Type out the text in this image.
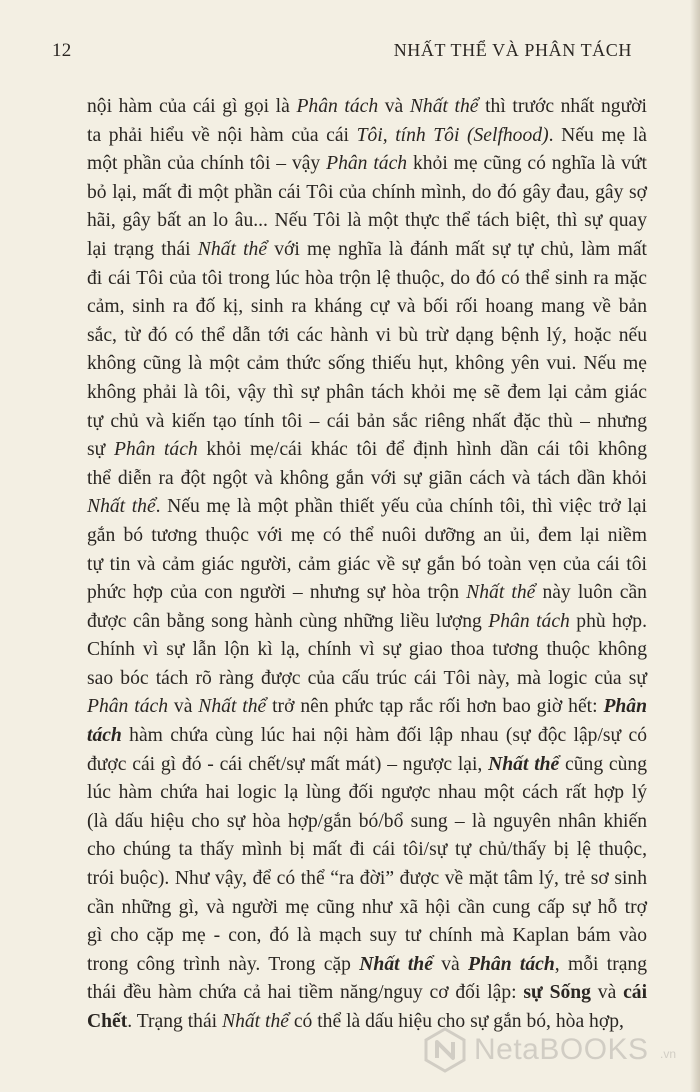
12	NHẤT THỂ VÀ PHÂN TÁCH
nội hàm của cái gì gọi là Phân tách và Nhất thể thì trước nhất người
ta phải hiểu về nội hàm của cái Tôi, tính Tôi (Selfhood). Nếu mẹ là
một phần của chính tôi – vậy Phân tách khỏi mẹ cũng có nghĩa là vứt
bỏ lại, mất đi một phần cái Tôi của chính mình, do đó gây đau, gây sợ
hãi, gây bất an lo âu... Nếu Tôi là một thực thể tách biệt, thì sự quay
lại trạng thái Nhất thể với mẹ nghĩa là đánh mất sự tự chủ, làm mất
đi cái Tôi của tôi trong lúc hòa trộn lệ thuộc, do đó có thể sinh ra mặc
cảm, sinh ra đố kị, sinh ra kháng cự và bối rối hoang mang về bản
sắc, từ đó có thể dẫn tới các hành vi bù trừ dạng bệnh lý, hoặc nếu
không cũng là một cảm thức sống thiếu hụt, không yên vui. Nếu mẹ
không phải là tôi, vậy thì sự phân tách khỏi mẹ sẽ đem lại cảm giác
tự chủ và kiến tạo tính tôi – cái bản sắc riêng nhất đặc thù – nhưng
sự Phân tách khỏi mẹ/cái khác tôi để định hình dần cái tôi không
thể diễn ra đột ngột và không gắn với sự giãn cách và tách dần khỏi
Nhất thể. Nếu mẹ là một phần thiết yếu của chính tôi, thì việc trở lại
gắn bó tương thuộc với mẹ có thể nuôi dưỡng an ủi, đem lại niềm
tự tin và cảm giác người, cảm giác về sự gắn bó toàn vẹn của cái tôi
phức hợp của con người – nhưng sự hòa trộn Nhất thể này luôn cần
được cân bằng song hành cùng những liều lượng Phân tách phù hợp.
Chính vì sự lẫn lộn kì lạ, chính vì sự giao thoa tương thuộc không
sao bóc tách rõ ràng được của cấu trúc cái Tôi này, mà logic của sự
Phân tách và Nhất thể trở nên phức tạp rắc rối hơn bao giờ hết: Phân
tách hàm chứa cùng lúc hai nội hàm đối lập nhau (sự độc lập/sự có
được cái gì đó - cái chết/sự mất mát) – ngược lại, Nhất thể cũng cùng
lúc hàm chứa hai logic lạ lùng đối ngược nhau một cách rất hợp lý
(là dấu hiệu cho sự hòa hợp/gắn bó/bổ sung – là nguyên nhân khiến
cho chúng ta thấy mình bị mất đi cái tôi/sự tự chủ/thấy bị lệ thuộc,
trói buộc). Như vậy, để có thể “ra đời” được về mặt tâm lý, trẻ sơ sinh
cần những gì, và người mẹ cũng như xã hội cần cung cấp sự hỗ trợ
gì cho cặp mẹ - con, đó là mạch suy tư chính mà Kaplan bám vào
trong công trình này. Trong cặp Nhất thể và Phân tách, mỗi trạng
thái đều hàm chứa cả hai tiềm năng/nguy cơ đối lập: sự Sống và cái
Chết. Trạng thái Nhất thể có thể là dấu hiệu cho sự gắn bó, hòa hợp,
NetaBOOKS .vn
